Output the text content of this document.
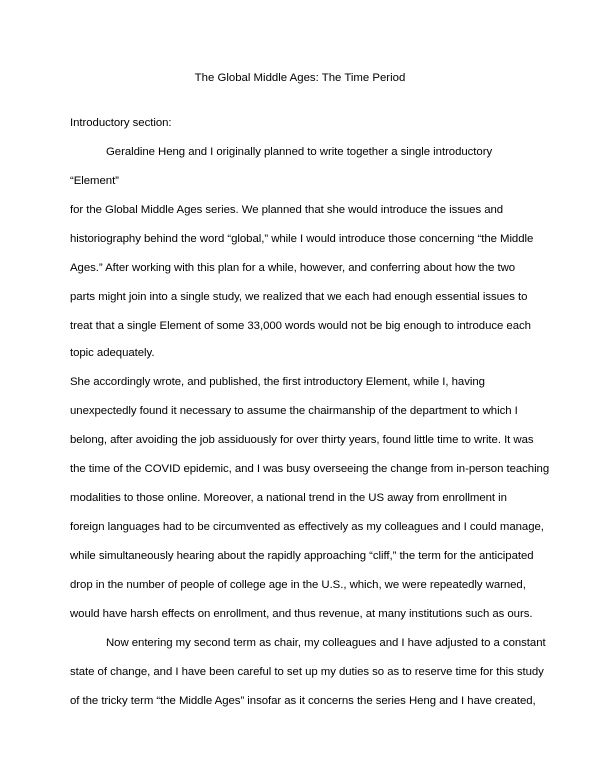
The Global Middle Ages: The Time Period
Introductory section:
Geraldine Heng and I originally planned to write together a single introductory
“Element”
for the Global Middle Ages series. We planned that she would introduce the issues and
historiography behind the word “global,” while I would introduce those concerning “the Middle
Ages.” After working with this plan for a while, however, and conferring about how the two
parts might join into a single study, we realized that we each had enough essential issues to
treat that a single Element of some 33,000 words would not be big enough to introduce each
topic adequately.
She accordingly wrote, and published, the first introductory Element, while I, having
unexpectedly found it necessary to assume the chairmanship of the department to which I
belong, after avoiding the job assiduously for over thirty years, found little time to write. It was
the time of the COVID epidemic, and I was busy overseeing the change from in-person teaching
modalities to those online. Moreover, a national trend in the US away from enrollment in
foreign languages had to be circumvented as effectively as my colleagues and I could manage,
while simultaneously hearing about the rapidly approaching “cliff,” the term for the anticipated
drop in the number of people of college age in the U.S., which, we were repeatedly warned,
would have harsh effects on enrollment, and thus revenue, at many institutions such as ours.
Now entering my second term as chair, my colleagues and I have adjusted to a constant
state of change, and I have been careful to set up my duties so as to reserve time for this study
of the tricky term “the Middle Ages” insofar as it concerns the series Heng and I have created,
